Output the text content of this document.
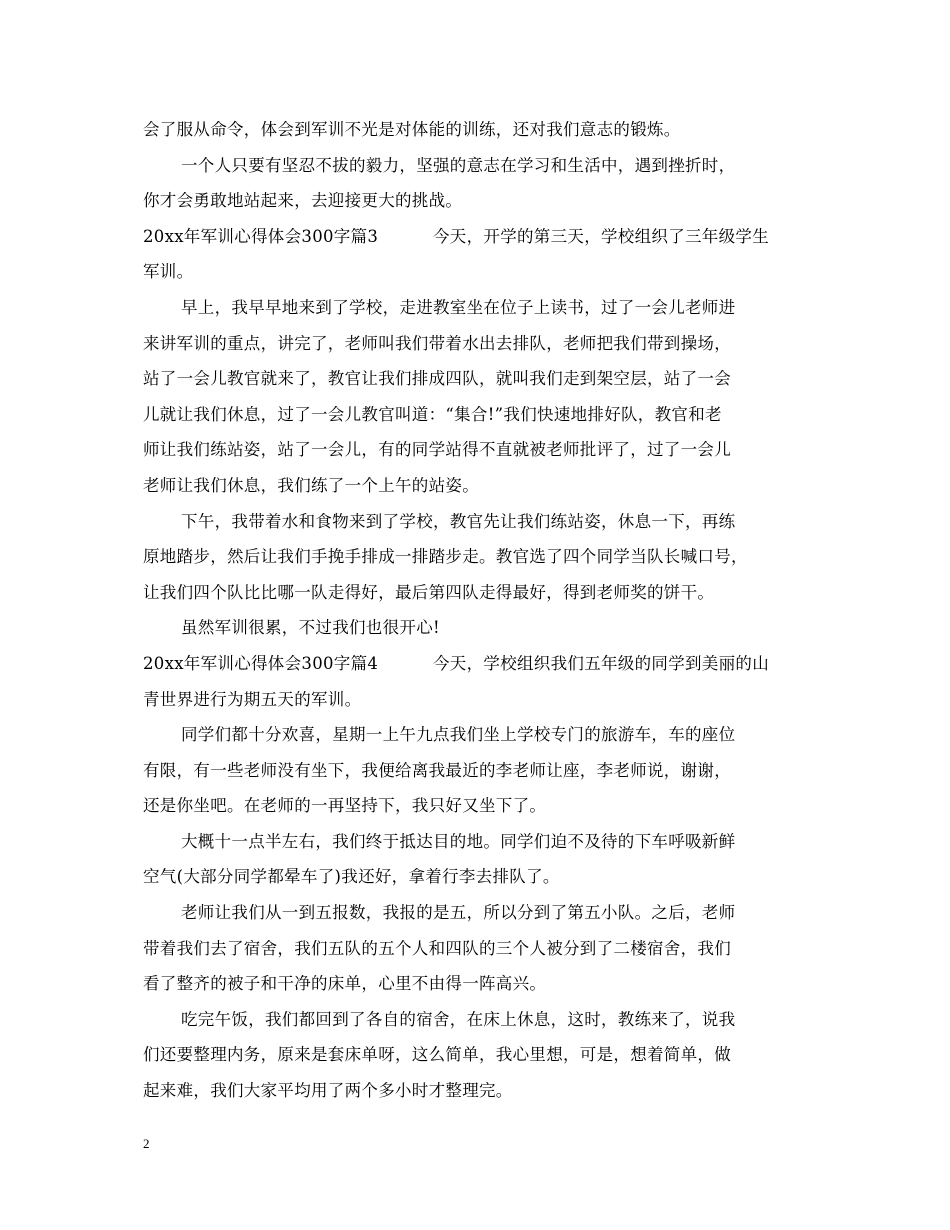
会了服从命令，体会到军训不光是对体能的训练，还对我们意志的锻炼。
一个人只要有坚忍不拔的毅力，坚强的意志在学习和生活中，遇到挫折时，
你才会勇敢地站起来，去迎接更大的挑战。
20xx年军训心得体会300字篇3	今天，开学的第三天，学校组织了三年级学生
军训。
早上，我早早地来到了学校，走进教室坐在位子上读书，过了一会儿老师进
来讲军训的重点，讲完了，老师叫我们带着水出去排队，老师把我们带到操场，
站了一会儿教官就来了，教官让我们排成四队，就叫我们走到架空层，站了一会
儿就让我们休息，过了一会儿教官叫道：“集合!”我们快速地排好队，教官和老
师让我们练站姿，站了一会儿，有的同学站得不直就被老师批评了，过了一会儿
老师让我们休息，我们练了一个上午的站姿。
下午，我带着水和食物来到了学校，教官先让我们练站姿，休息一下，再练
原地踏步，然后让我们手挽手排成一排踏步走。教官选了四个同学当队长喊口号，
让我们四个队比比哪一队走得好，最后第四队走得最好，得到老师奖的饼干。
虽然军训很累，不过我们也很开心!
20xx年军训心得体会300字篇4	今天，学校组织我们五年级的同学到美丽的山
青世界进行为期五天的军训。
同学们都十分欢喜，星期一上午九点我们坐上学校专门的旅游车，车的座位
有限，有一些老师没有坐下，我便给离我最近的李老师让座，李老师说，谢谢，
还是你坐吧。在老师的一再坚持下，我只好又坐下了。
大概十一点半左右，我们终于抵达目的地。同学们迫不及待的下车呼吸新鲜
空气(大部分同学都晕车了)我还好，拿着行李去排队了。
老师让我们从一到五报数，我报的是五，所以分到了第五小队。之后，老师
带着我们去了宿舍，我们五队的五个人和四队的三个人被分到了二楼宿舍，我们
看了整齐的被子和干净的床单，心里不由得一阵高兴。
吃完午饭，我们都回到了各自的宿舍，在床上休息，这时，教练来了，说我
们还要整理内务，原来是套床单呀，这么简单，我心里想，可是，想着简单，做
起来难，我们大家平均用了两个多小时才整理完。
2
